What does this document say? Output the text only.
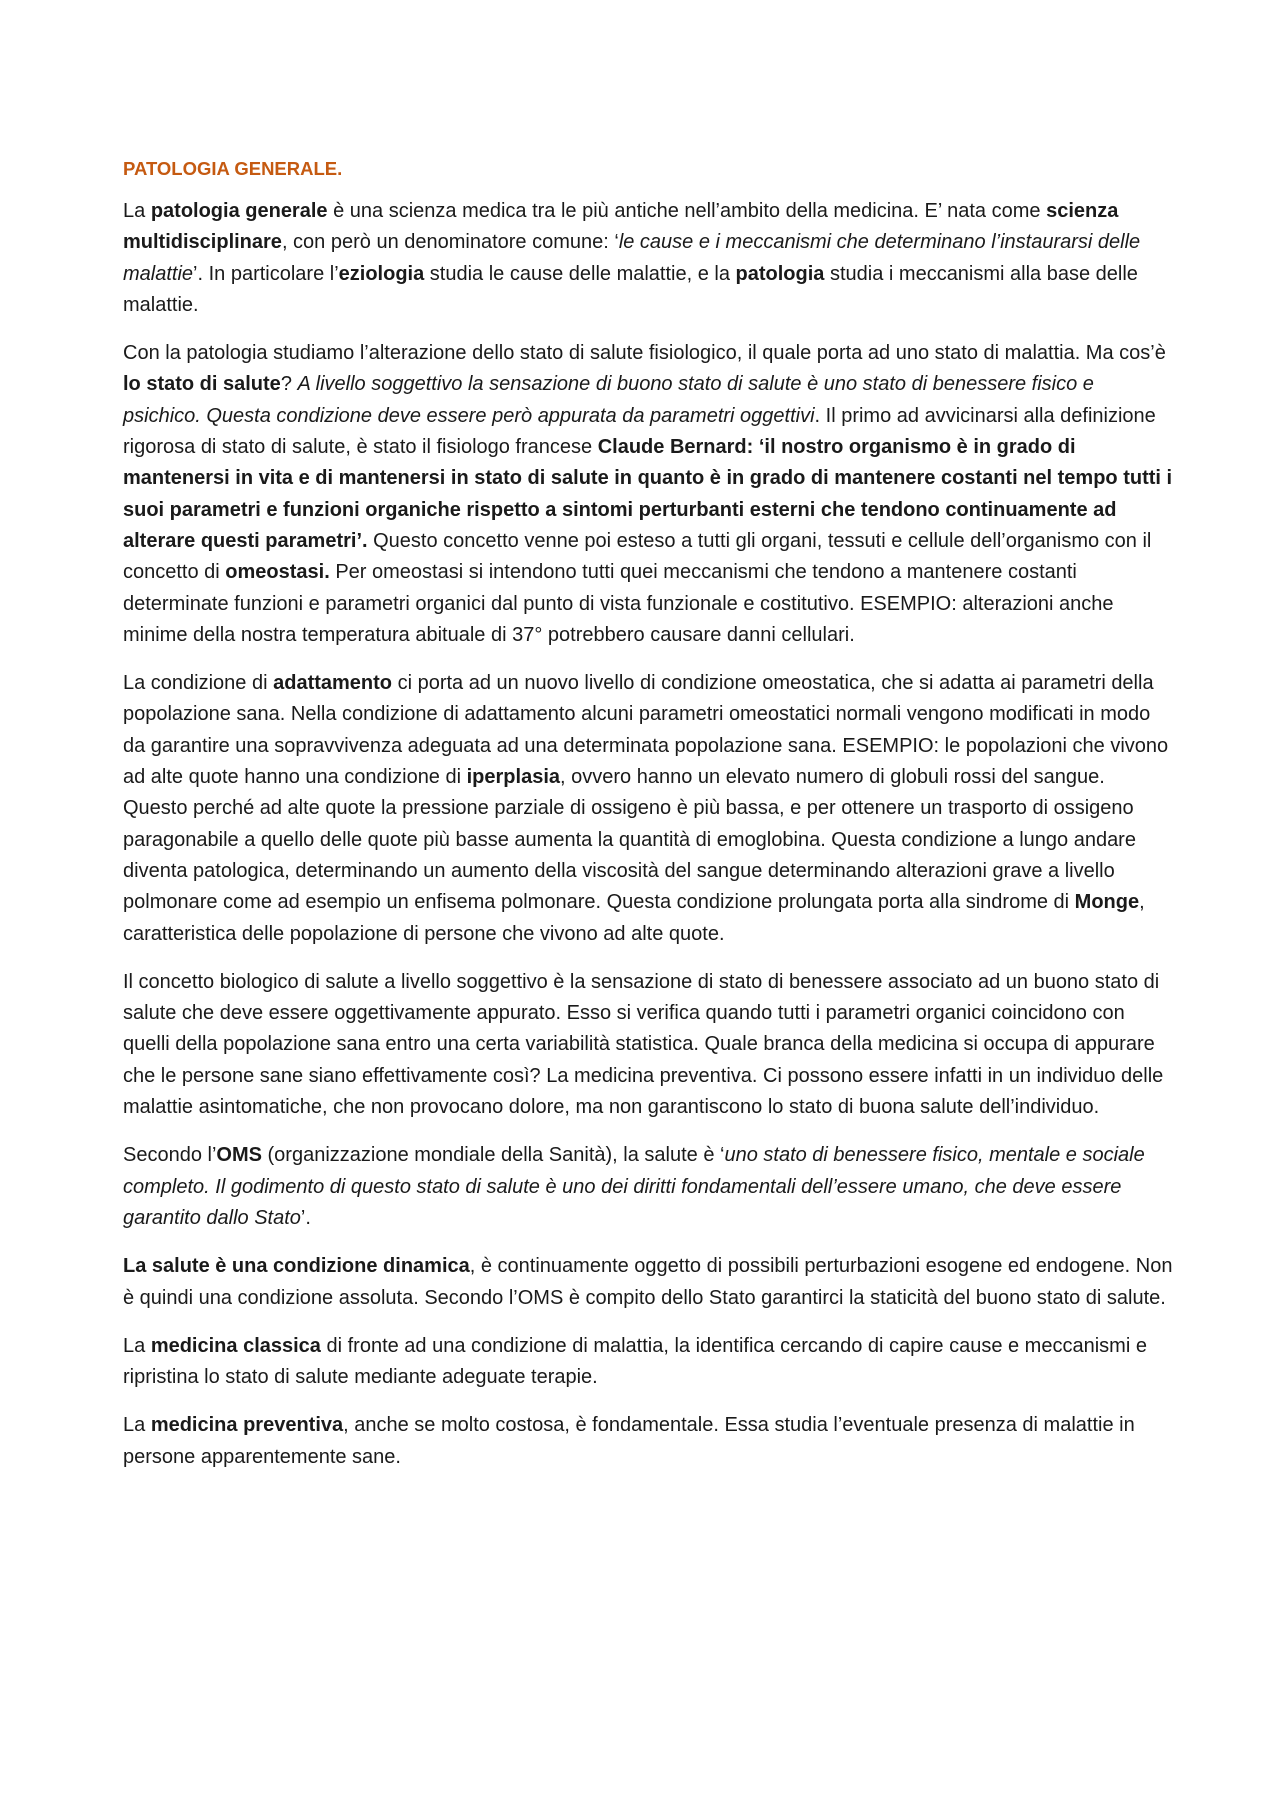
PATOLOGIA GENERALE.

La patologia generale è una scienza medica tra le più antiche nell’ambito della medicina. E’ nata come scienza multidisciplinare, con però un denominatore comune: ‘le cause e i meccanismi che determinano l’instaurarsi delle malattie’. In particolare l’eziologia studia le cause delle malattie, e la patologia studia i meccanismi alla base delle malattie.

Con la patologia studiamo l’alterazione dello stato di salute fisiologico, il quale porta ad uno stato di malattia. Ma cos’è lo stato di salute? A livello soggettivo la sensazione di buono stato di salute è uno stato di benessere fisico e psichico. Questa condizione deve essere però appurata da parametri oggettivi. Il primo ad avvicinarsi alla definizione rigorosa di stato di salute, è stato il fisiologo francese Claude Bernard: ‘il nostro organismo è in grado di mantenersi in vita e di mantenersi in stato di salute in quanto è in grado di mantenere costanti nel tempo tutti i suoi parametri e funzioni organiche rispetto a sintomi perturbanti esterni che tendono continuamente ad alterare questi parametri’. Questo concetto venne poi esteso a tutti gli organi, tessuti e cellule dell’organismo con il concetto di omeostasi. Per omeostasi si intendono tutti quei meccanismi che tendono a mantenere costanti determinate funzioni e parametri organici dal punto di vista funzionale e costitutivo. ESEMPIO: alterazioni anche minime della nostra temperatura abituale di 37° potrebbero causare danni cellulari.

La condizione di adattamento ci porta ad un nuovo livello di condizione omeostatica, che si adatta ai parametri della popolazione sana. Nella condizione di adattamento alcuni parametri omeostatici normali vengono modificati in modo da garantire una sopravvivenza adeguata ad una determinata popolazione sana. ESEMPIO: le popolazioni che vivono ad alte quote hanno una condizione di iperplasia, ovvero hanno un elevato numero di globuli rossi del sangue. Questo perché ad alte quote la pressione parziale di ossigeno è più bassa, e per ottenere un trasporto di ossigeno paragonabile a quello delle quote più basse aumenta la quantità di emoglobina. Questa condizione a lungo andare diventa patologica, determinando un aumento della viscosità del sangue determinando alterazioni grave a livello polmonare come ad esempio un enfisema polmonare. Questa condizione prolungata porta alla sindrome di Monge, caratteristica delle popolazione di persone che vivono ad alte quote.

Il concetto biologico di salute a livello soggettivo è la sensazione di stato di benessere associato ad un buono stato di salute che deve essere oggettivamente appurato. Esso si verifica quando tutti i parametri organici coincidono con quelli della popolazione sana entro una certa variabilità statistica. Quale branca della medicina si occupa di appurare che le persone sane siano effettivamente così? La medicina preventiva. Ci possono essere infatti in un individuo delle malattie asintomatiche, che non provocano dolore, ma non garantiscono lo stato di buona salute dell’individuo.

Secondo l’OMS (organizzazione mondiale della Sanità), la salute è ‘uno stato di benessere fisico, mentale e sociale completo. Il godimento di questo stato di salute è uno dei diritti fondamentali dell’essere umano, che deve essere garantito dallo Stato’.

La salute è una condizione dinamica, è continuamente oggetto di possibili perturbazioni esogene ed endogene. Non è quindi una condizione assoluta. Secondo l’OMS è compito dello Stato garantirci la staticità del buono stato di salute.

La medicina classica di fronte ad una condizione di malattia, la identifica cercando di capire cause e meccanismi e ripristina lo stato di salute mediante adeguate terapie.

La medicina preventiva, anche se molto costosa, è fondamentale. Essa studia l’eventuale presenza di malattie in persone apparentemente sane.
